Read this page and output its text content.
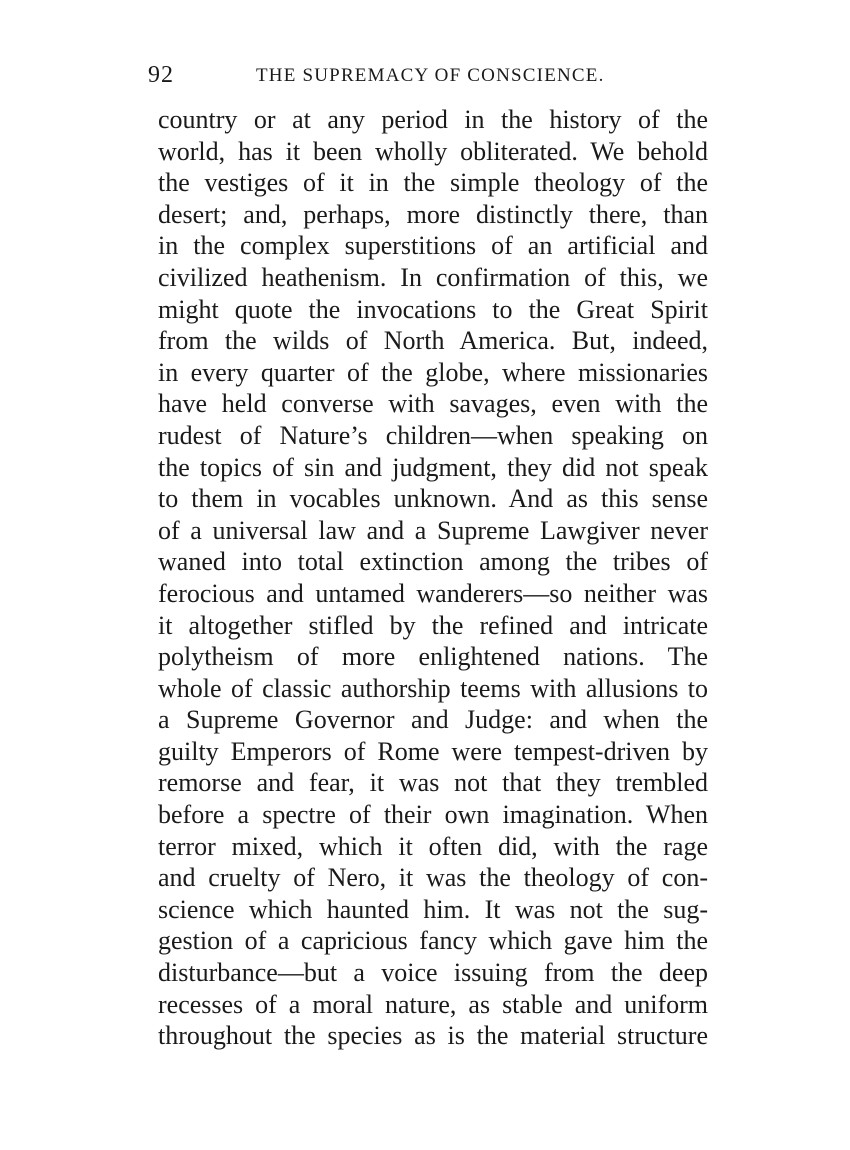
92	THE SUPREMACY OF CONSCIENCE.
country or at any period in the history of the
world, has it been wholly obliterated. We behold
the vestiges of it in the simple theology of the
desert; and, perhaps, more distinctly there, than
in the complex superstitions of an artificial and
civilized heathenism. In confirmation of this, we
might quote the invocations to the Great Spirit
from the wilds of North America. But, indeed,
in every quarter of the globe, where missionaries
have held converse with savages, even with the
rudest of Nature’s children—when speaking on
the topics of sin and judgment, they did not speak
to them in vocables unknown. And as this sense
of a universal law and a Supreme Lawgiver never
waned into total extinction among the tribes of
ferocious and untamed wanderers—so neither was
it altogether stifled by the refined and intricate
polytheism of more enlightened nations. The
whole of classic authorship teems with allusions to
a Supreme Governor and Judge: and when the
guilty Emperors of Rome were tempest-driven by
remorse and fear, it was not that they trembled
before a spectre of their own imagination. When
terror mixed, which it often did, with the rage
and cruelty of Nero, it was the theology of con-
science which haunted him. It was not the sug-
gestion of a capricious fancy which gave him the
disturbance—but a voice issuing from the deep
recesses of a moral nature, as stable and uniform
throughout the species as is the material structure
